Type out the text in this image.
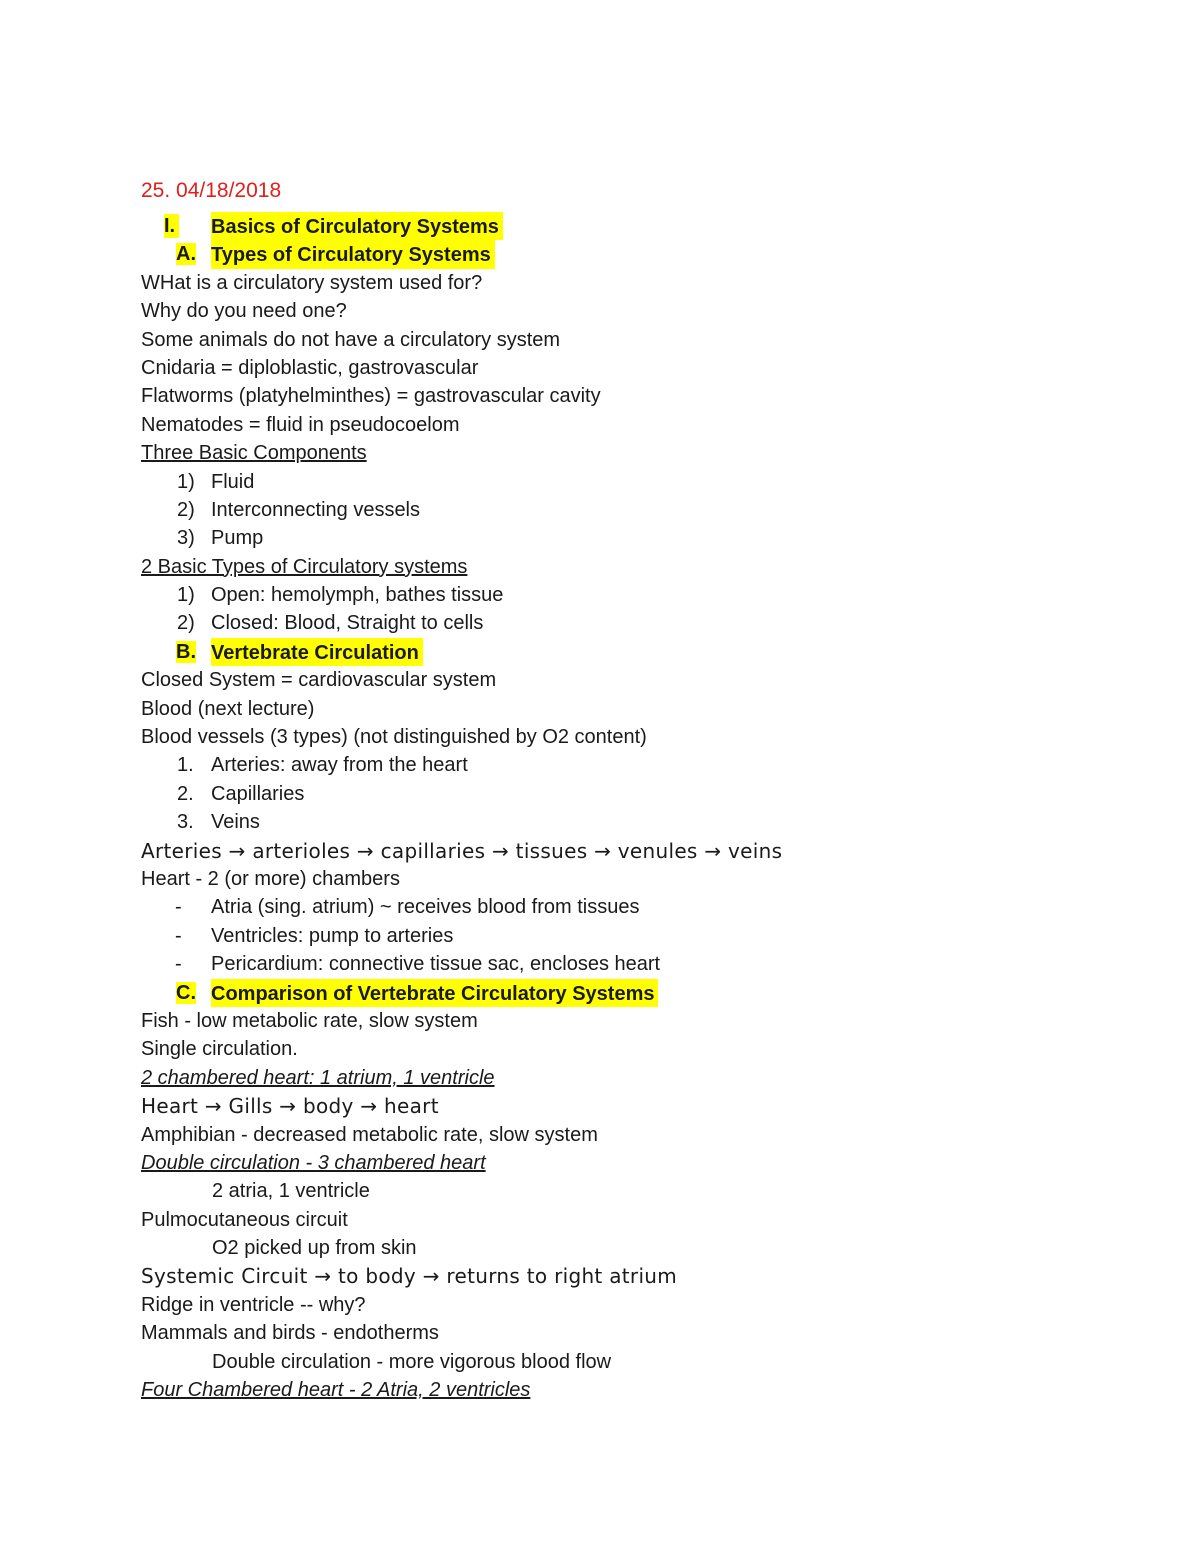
25. 04/18/2018
I.	Basics of Circulatory Systems
A. Types of Circulatory Systems
WHat is a circulatory system used for?
Why do you need one?
Some animals do not have a circulatory system
Cnidaria = diploblastic, gastrovascular
Flatworms (platyhelminthes) = gastrovascular cavity
Nematodes = fluid in pseudocoelom
Three Basic Components
1) Fluid
2) Interconnecting vessels
3) Pump
2 Basic Types of Circulatory systems
1) Open: hemolymph, bathes tissue
2) Closed: Blood, Straight to cells
B. Vertebrate Circulation
Closed System = cardiovascular system
Blood (next lecture)
Blood vessels (3 types) (not distinguished by O2 content)
1. Arteries: away from the heart
2. Capillaries
3. Veins
Arteries → arterioles → capillaries → tissues → venules → veins
Heart - 2 (or more) chambers
-	Atria (sing. atrium) ~ receives blood from tissues
-	Ventricles: pump to arteries
-	Pericardium: connective tissue sac, encloses heart
C. Comparison of Vertebrate Circulatory Systems
Fish - low metabolic rate, slow system
Single circulation.
2 chambered heart: 1 atrium, 1 ventricle
Heart → Gills → body → heart
Amphibian - decreased metabolic rate, slow system
Double circulation - 3 chambered heart
2 atria, 1 ventricle
Pulmocutaneous circuit
O2 picked up from skin
Systemic Circuit → to body → returns to right atrium
Ridge in ventricle -- why?
Mammals and birds - endotherms
Double circulation - more vigorous blood flow
Four Chambered heart - 2 Atria, 2 ventricles
